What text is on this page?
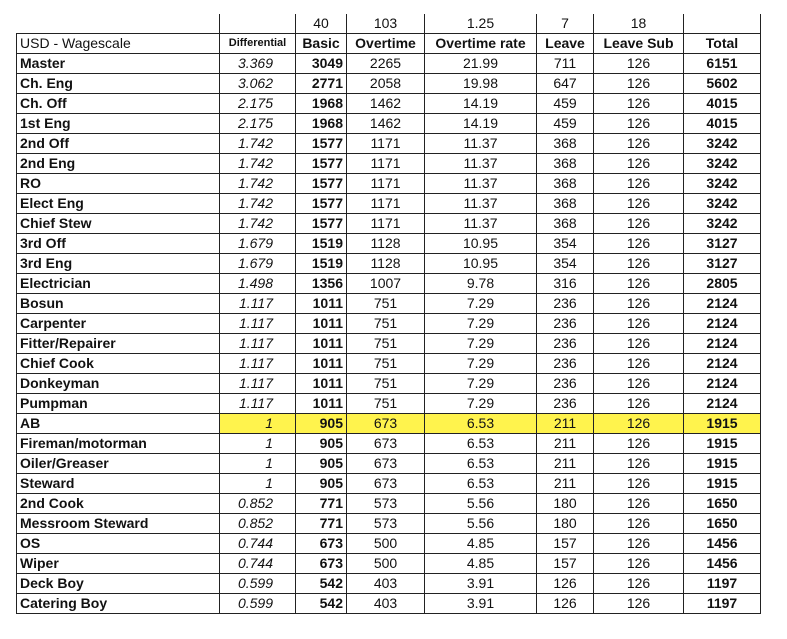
		40	103	1.25	7	18	
USD - Wagescale	Differential	Basic	Overtime	Overtime rate	Leave	Leave Sub	Total
Master	3.369	3049	2265	21.99	711	126	6151
Ch. Eng	3.062	2771	2058	19.98	647	126	5602
Ch. Off	2.175	1968	1462	14.19	459	126	4015
1st Eng	2.175	1968	1462	14.19	459	126	4015
2nd Off	1.742	1577	1171	11.37	368	126	3242
2nd Eng	1.742	1577	1171	11.37	368	126	3242
RO	1.742	1577	1171	11.37	368	126	3242
Elect Eng	1.742	1577	1171	11.37	368	126	3242
Chief Stew	1.742	1577	1171	11.37	368	126	3242
3rd Off	1.679	1519	1128	10.95	354	126	3127
3rd Eng	1.679	1519	1128	10.95	354	126	3127
Electrician	1.498	1356	1007	9.78	316	126	2805
Bosun	1.117	1011	751	7.29	236	126	2124
Carpenter	1.117	1011	751	7.29	236	126	2124
Fitter/Repairer	1.117	1011	751	7.29	236	126	2124
Chief Cook	1.117	1011	751	7.29	236	126	2124
Donkeyman	1.117	1011	751	7.29	236	126	2124
Pumpman	1.117	1011	751	7.29	236	126	2124
AB	1	905	673	6.53	211	126	1915
Fireman/motorman	1	905	673	6.53	211	126	1915
Oiler/Greaser	1	905	673	6.53	211	126	1915
Steward	1	905	673	6.53	211	126	1915
2nd Cook	0.852	771	573	5.56	180	126	1650
Messroom Steward	0.852	771	573	5.56	180	126	1650
OS	0.744	673	500	4.85	157	126	1456
Wiper	0.744	673	500	4.85	157	126	1456
Deck Boy	0.599	542	403	3.91	126	126	1197
Catering Boy	0.599	542	403	3.91	126	126	1197
